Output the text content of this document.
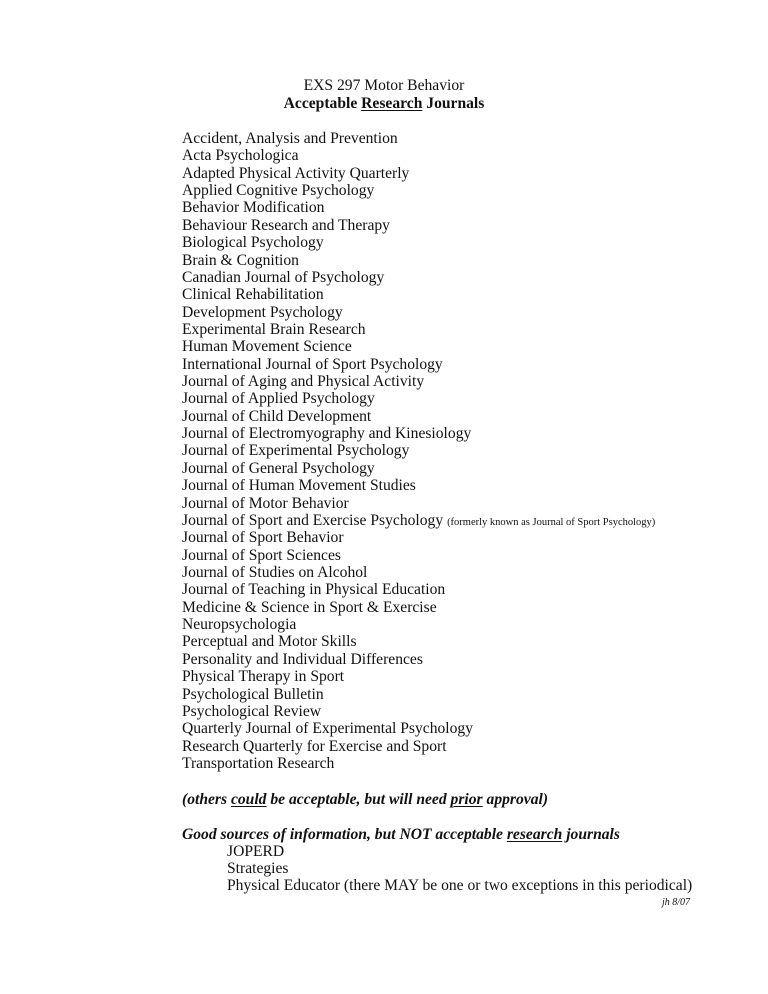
EXS 297 Motor Behavior
Acceptable Research Journals
Accident, Analysis and Prevention
Acta Psychologica
Adapted Physical Activity Quarterly
Applied Cognitive Psychology
Behavior Modification
Behaviour Research and Therapy
Biological Psychology
Brain & Cognition
Canadian Journal of Psychology
Clinical Rehabilitation
Development Psychology
Experimental Brain Research
Human Movement Science
International Journal of Sport Psychology
Journal of Aging and Physical Activity
Journal of Applied Psychology
Journal of Child Development
Journal of Electromyography and Kinesiology
Journal of Experimental Psychology
Journal of General Psychology
Journal of Human Movement Studies
Journal of Motor Behavior
Journal of Sport and Exercise Psychology (formerly known as Journal of Sport Psychology)
Journal of Sport Behavior
Journal of Sport Sciences
Journal of Studies on Alcohol
Journal of Teaching in Physical Education
Medicine & Science in Sport & Exercise
Neuropsychologia
Perceptual and Motor Skills
Personality and Individual Differences
Physical Therapy in Sport
Psychological Bulletin
Psychological Review
Quarterly Journal of Experimental Psychology
Research Quarterly for Exercise and Sport
Transportation Research
(others could be acceptable, but will need prior approval)
Good sources of information, but NOT acceptable research journals
JOPERD
Strategies
Physical Educator (there MAY be one or two exceptions in this periodical)
jh 8/07
